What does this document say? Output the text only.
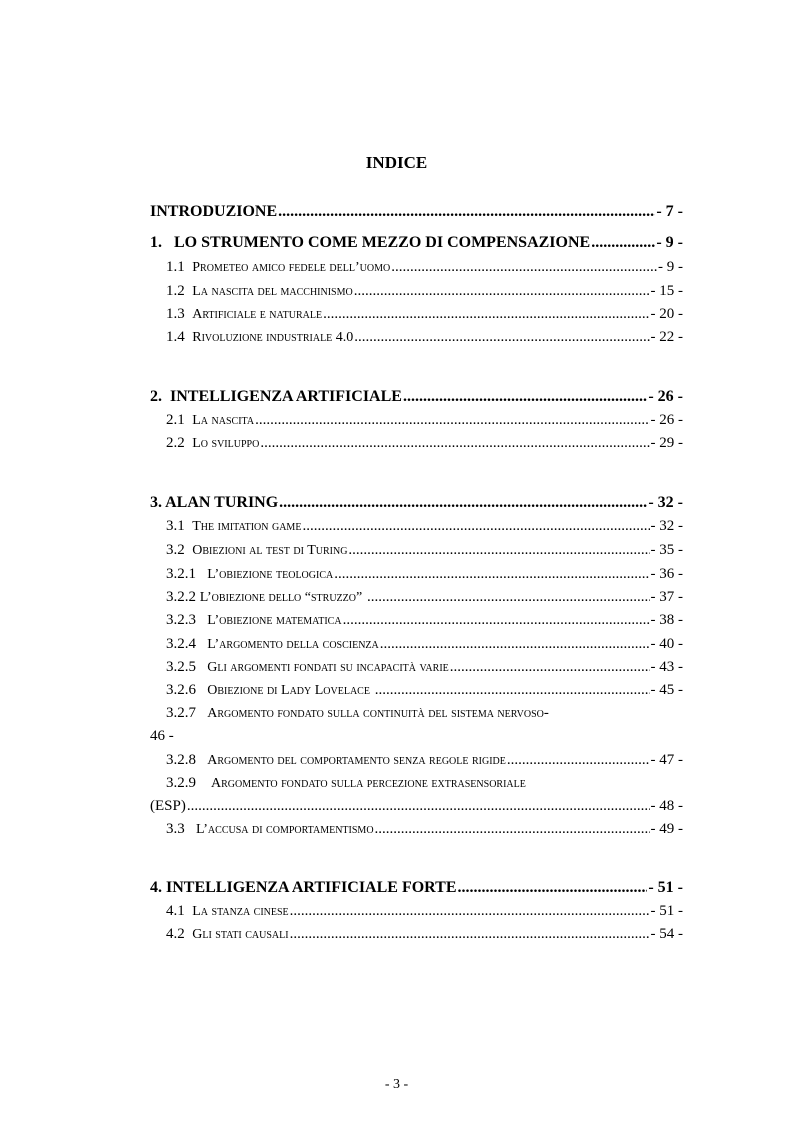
INDICE
INTRODUZIONE .....	- 7 -
1.   LO STRUMENTO COME MEZZO DI COMPENSAZIONE .....	- 9 -
1.1 Prometeo amico fedele dell’uomo .....	- 9 -
1.2 La nascita del macchinismo .....	- 15 -
1.3 Artificiale e naturale .....	- 20 -
1.4 Rivoluzione industriale 4.0 .....	- 22 -
2.  INTELLIGENZA ARTIFICIALE .....	- 26 -
2.1 La nascita .....	- 26 -
2.2 Lo sviluppo .....	- 29 -
3. ALAN TURING .....	- 32 -
3.1 The imitation game .....	- 32 -
3.2 Obiezioni al test di Turing .....	- 35 -
3.2.1 L’obiezione teologica .....	- 36 -
3.2.2 L’obiezione dello “struzzo” .....	- 37 -
3.2.3 L’obiezione matematica .....	- 38 -
3.2.4 L’argomento della coscienza .....	- 40 -
3.2.5 Gli argomenti fondati su incapacità varie .....	- 43 -
3.2.6 Obiezione di Lady Lovelace .....	- 45 -
3.2.7 Argomento fondato sulla continuità del sistema nervoso-
46 -
3.2.8 Argomento del comportamento senza regole rigide .....	- 47 -
3.2.9 Argomento fondato sulla percezione extrasensoriale
(ESP) .....	- 48 -
3.3 L’accusa di comportamentismo .....	- 49 -
4. INTELLIGENZA ARTIFICIALE FORTE .....	- 51 -
4.1 La stanza cinese .....	- 51 -
4.2 Gli stati causali .....	- 54 -
- 3 -
